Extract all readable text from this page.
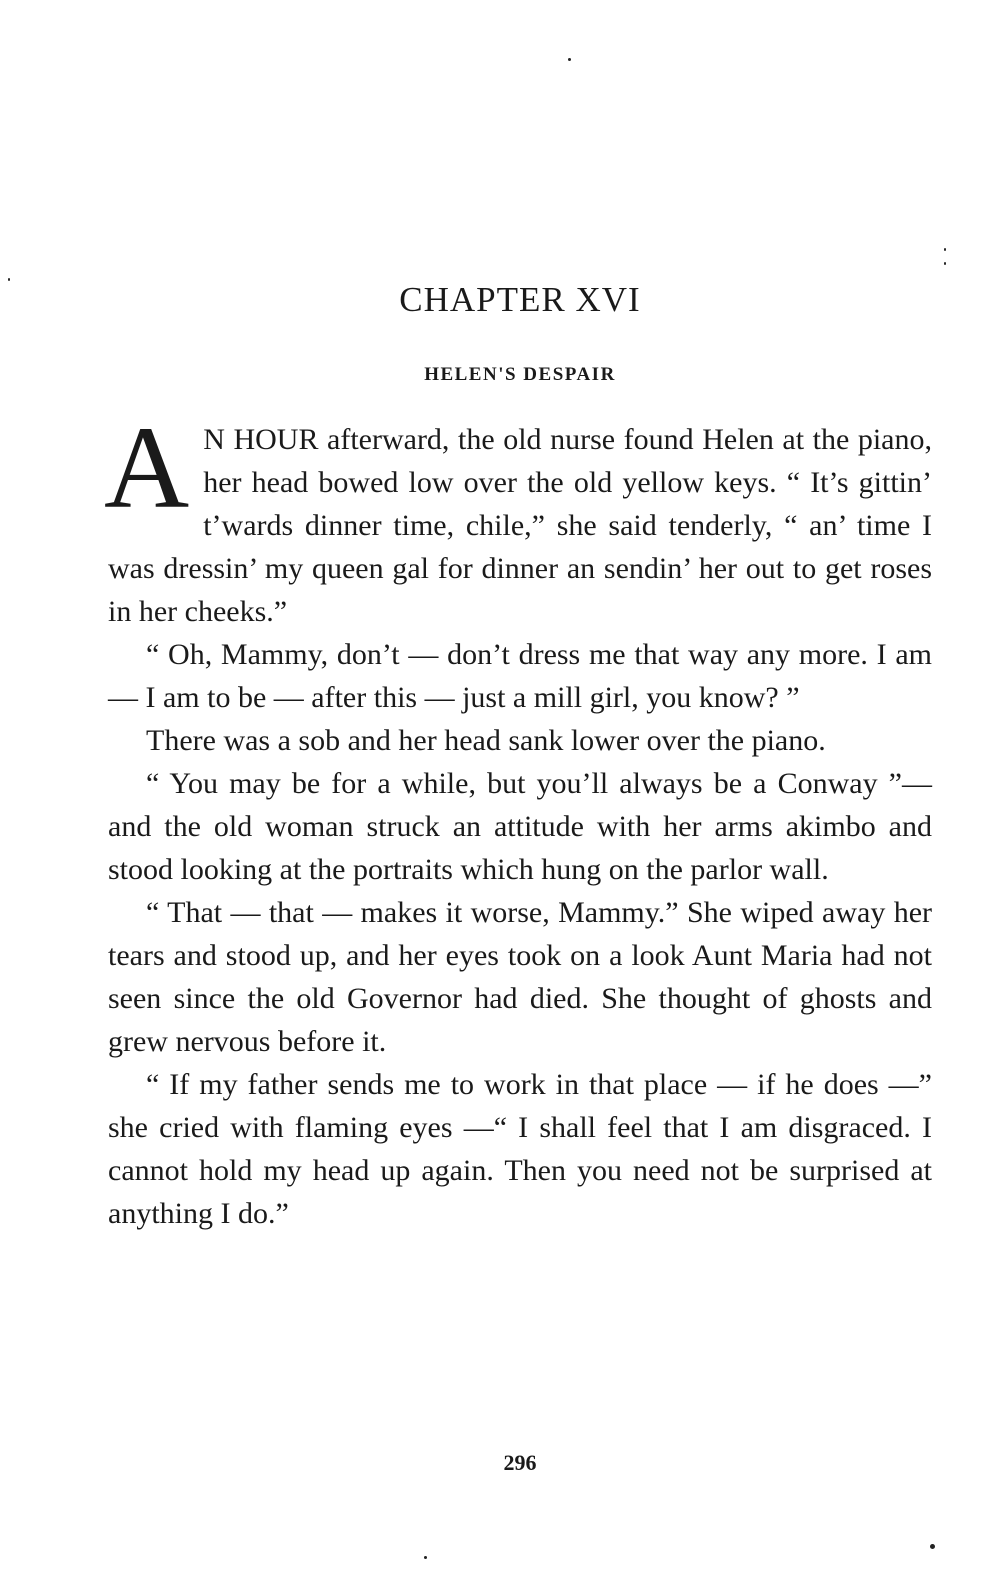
CHAPTER XVI
HELEN'S DESPAIR

A N HOUR afterward, the old nurse found Helen at the piano, her head bowed low over the old yellow keys. “ It’s gittin’ t’wards dinner time, chile,” she said tenderly, “ an’ time I was dressin’ my queen gal for dinner an sendin’ her out to get roses in her cheeks.”

“ Oh, Mammy, don’t — don’t dress me that way any more. I am — I am to be — after this — just a mill girl, you know? ”

There was a sob and her head sank lower over the piano.

“ You may be for a while, but you’ll always be a Conway ”— and the old woman struck an attitude with her arms akimbo and stood looking at the portraits which hung on the parlor wall.

“ That — that — makes it worse, Mammy.” She wiped away her tears and stood up, and her eyes took on a look Aunt Maria had not seen since the old Governor had died. She thought of ghosts and grew nervous before it.

“ If my father sends me to work in that place — if he does —” she cried with flaming eyes —“ I shall feel that I am disgraced. I cannot hold my head up again. Then you need not be surprised at anything I do.”

296
